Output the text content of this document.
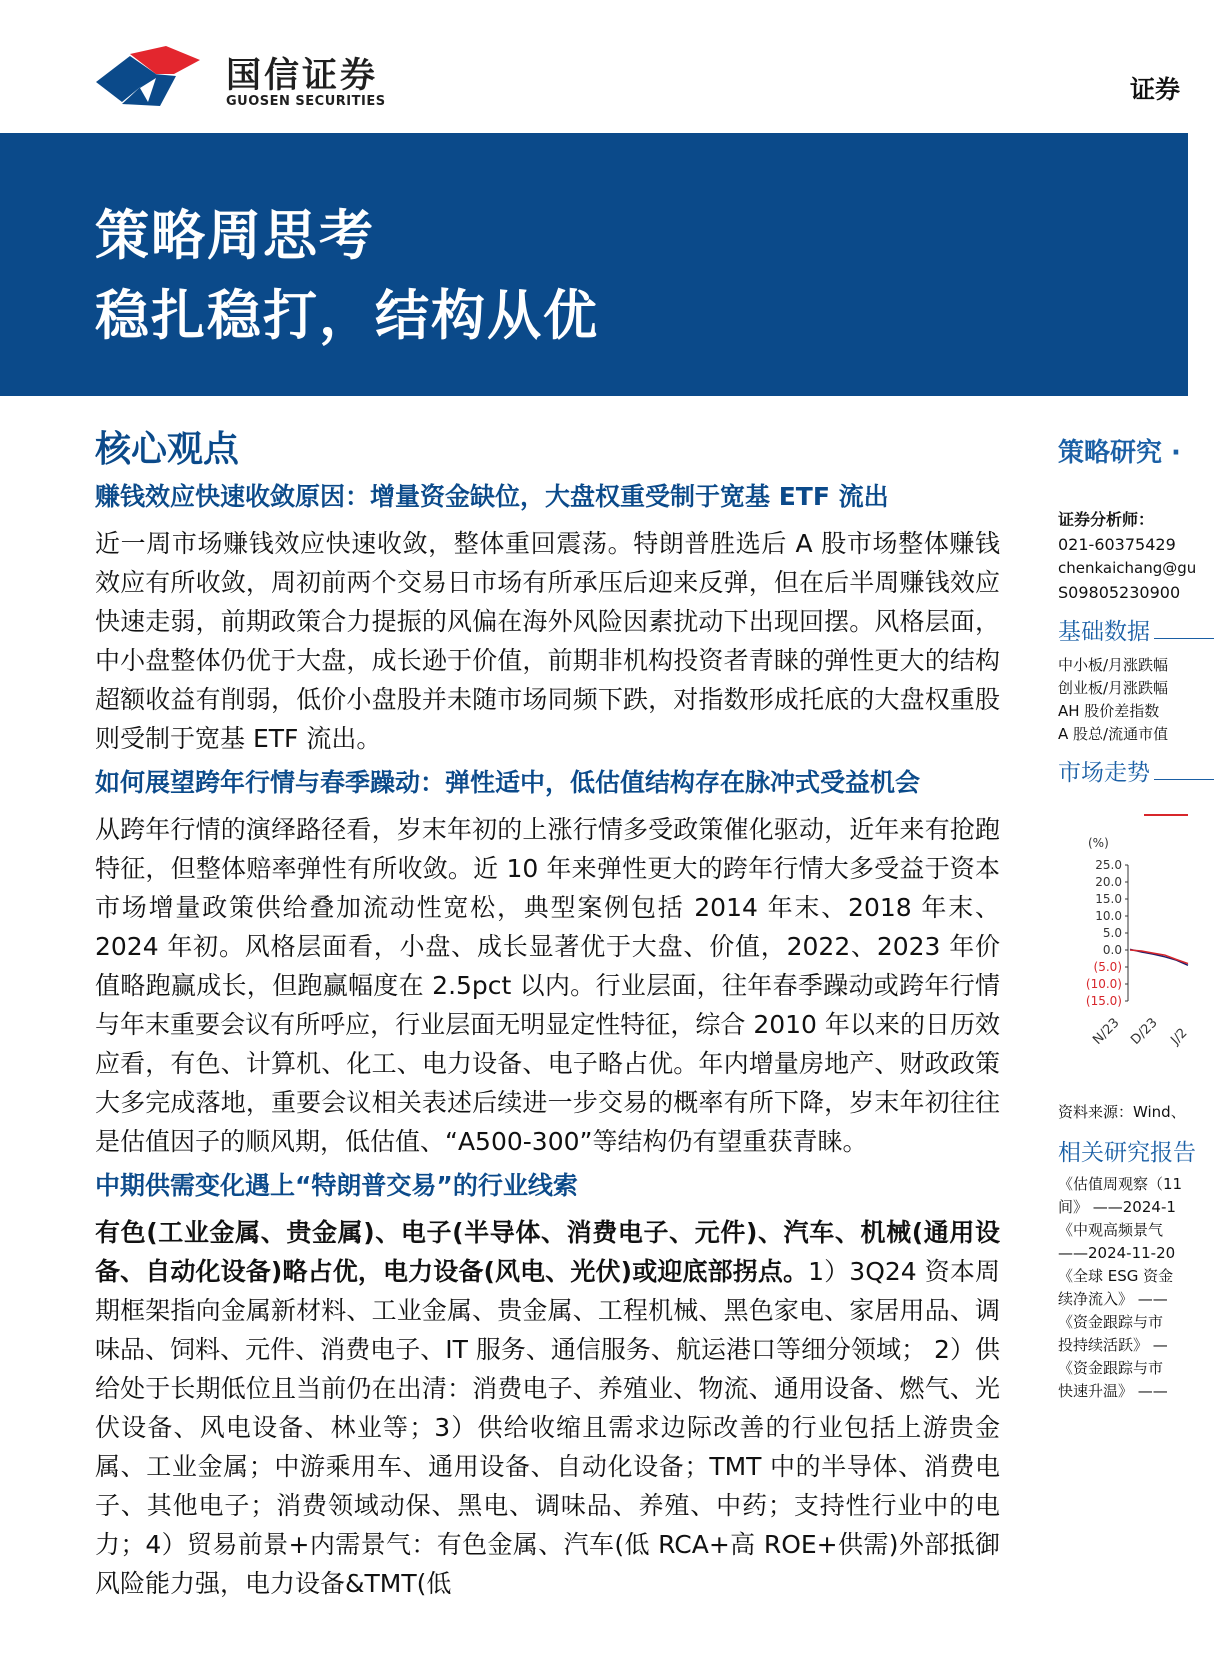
国信证券
GUOSEN SECURITIES	证券
策略周思考
稳扎稳打，结构从优
核心观点
赚钱效应快速收敛原因：增量资金缺位，大盘权重受制于宽基 ETF 流出

近一周市场赚钱效应快速收敛，整体重回震荡。特朗普胜选后 A 股市场整体赚钱效应有所收敛，周初前两个交易日市场有所承压后迎来反弹，但在后半周赚钱效应快速走弱，前期政策合力提振的风偏在海外风险因素扰动下出现回摆。风格层面，中小盘整体仍优于大盘，成长逊于价值，前期非机构投资者青睐的弹性更大的结构超额收益有削弱，低价小盘股并未随市场同频下跌，对指数形成托底的大盘权重股则受制于宽基 ETF 流出。

如何展望跨年行情与春季躁动：弹性适中，低估值结构存在脉冲式受益机会

从跨年行情的演绎路径看，岁末年初的上涨行情多受政策催化驱动，近年来有抢跑特征，但整体赔率弹性有所收敛。近 10 年来弹性更大的跨年行情大多受益于资本市场增量政策供给叠加流动性宽松，典型案例包括 2014 年末、2018 年末、2024 年初。风格层面看，小盘、成长显著优于大盘、价值，2022、2023 年价值略跑赢成长，但跑赢幅度在 2.5pct 以内。行业层面，往年春季躁动或跨年行情与年末重要会议有所呼应，行业层面无明显定性特征，综合 2010 年以来的日历效应看，有色、计算机、化工、电力设备、电子略占优。年内增量房地产、财政政策大多完成落地，重要会议相关表述后续进一步交易的概率有所下降，岁末年初往往是估值因子的顺风期，低估值、“A500-300”等结构仍有望重获青睐。

中期供需变化遇上“特朗普交易”的行业线索

有色(工业金属、贵金属)、电子(半导体、消费电子、元件)、汽车、机械(通用设备、自动化设备)略占优，电力设备(风电、光伏)或迎底部拐点。1）3Q24 资本周期框架指向金属新材料、工业金属、贵金属、工程机械、黑色家电、家居用品、调味品、饲料、元件、消费电子、IT 服务、通信服务、航运港口等细分领域； 2）供给处于长期低位且当前仍在出清：消费电子、养殖业、物流、通用设备、燃气、光伏设备、风电设备、林业等；3）供给收缩且需求边际改善的行业包括上游贵金属、工业金属；中游乘用车、通用设备、自动化设备；TMT 中的半导体、消费电子、其他电子；消费领域动保、黑电、调味品、养殖、中药；支持性行业中的电力；4）贸易前景+内需景气：有色金属、汽车(低 RCA+高 ROE+供需)外部抵御风险能力强，电力设备&TMT(低

策略研究 ·
证券分析师：
021-60375429
chenkaichang@gu
S09805230900
基础数据
中小板/月涨跌幅
创业板/月涨跌幅
AH 股价差指数
A 股总/流通市值
市场走势
(%)
25.0
20.0
15.0
10.0
5.0
0.0
(5.0)
(10.0)
(15.0)
N/23 D/23 J/2
资料来源：Wind、
相关研究报告
《估值周观察（11
间》 ——2024-1
《中观高频景气
——2024-11-20
《全球 ESG 资金
续净流入》 ——
《资金跟踪与市
投持续活跃》 —
《资金跟踪与市
快速升温》 ——
